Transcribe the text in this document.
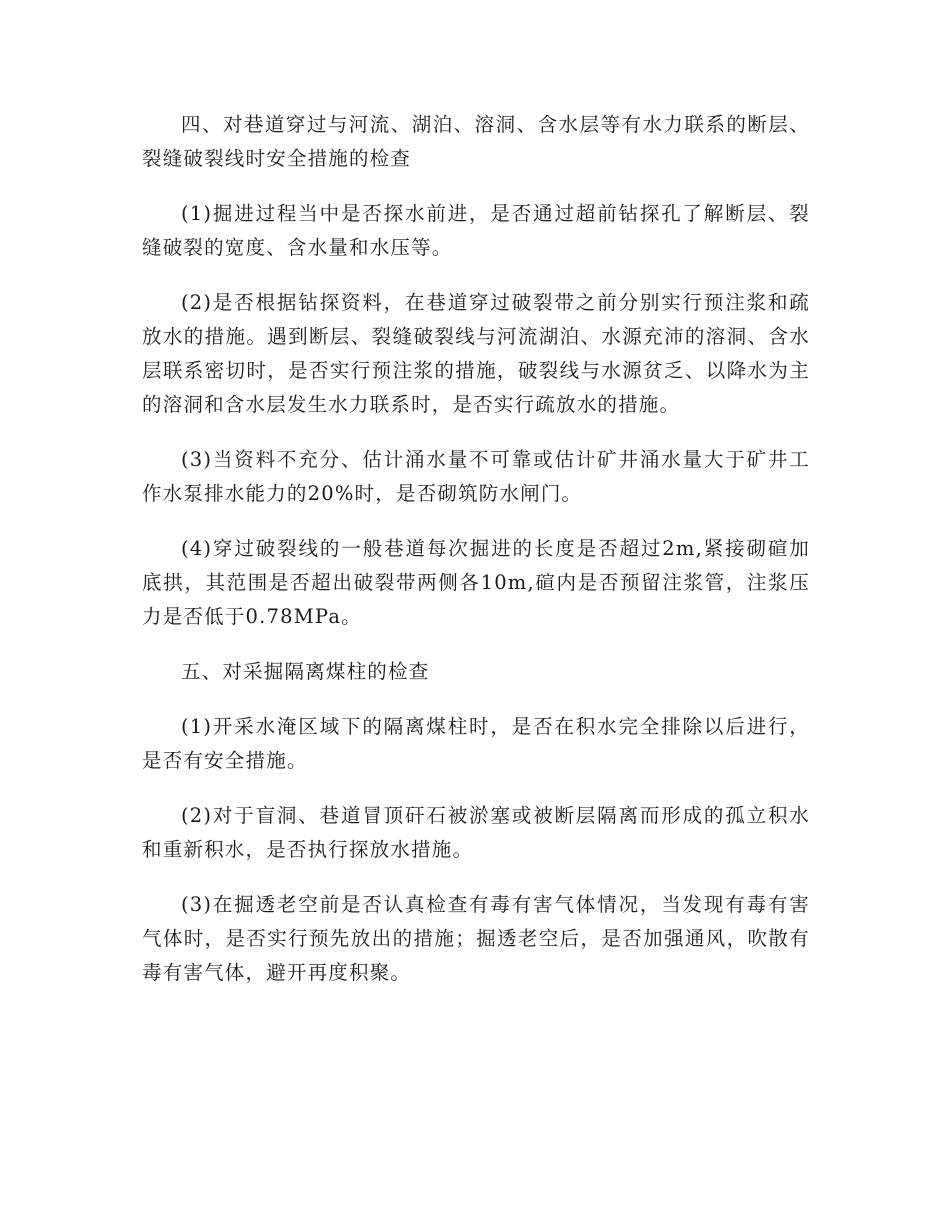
四、对巷道穿过与河流、湖泊、溶洞、含水层等有水力联系的断层、裂缝破裂线时安全措施的检查

(1)掘进过程当中是否探水前进，是否通过超前钻探孔了解断层、裂缝破裂的宽度、含水量和水压等。

(2)是否根据钻探资料，在巷道穿过破裂带之前分别实行预注浆和疏放水的措施。遇到断层、裂缝破裂线与河流湖泊、水源充沛的溶洞、含水层联系密切时，是否实行预注浆的措施，破裂线与水源贫乏、以降水为主的溶洞和含水层发生水力联系时，是否实行疏放水的措施。

(3)当资料不充分、估计涌水量不可靠或估计矿井涌水量大于矿井工作水泵排水能力的20%时，是否砌筑防水闸门。

(4)穿过破裂线的一般巷道每次掘进的长度是否超过2m,紧接砌碹加底拱，其范围是否超出破裂带两侧各10m,碹内是否预留注浆管，注浆压力是否低于0.78MPa。

五、对采掘隔离煤柱的检查

(1)开采水淹区域下的隔离煤柱时，是否在积水完全排除以后进行，是否有安全措施。

(2)对于盲洞、巷道冒顶矸石被淤塞或被断层隔离而形成的孤立积水和重新积水，是否执行探放水措施。

(3)在掘透老空前是否认真检查有毒有害气体情况，当发现有毒有害气体时，是否实行预先放出的措施；掘透老空后，是否加强通风，吹散有毒有害气体，避开再度积聚。
